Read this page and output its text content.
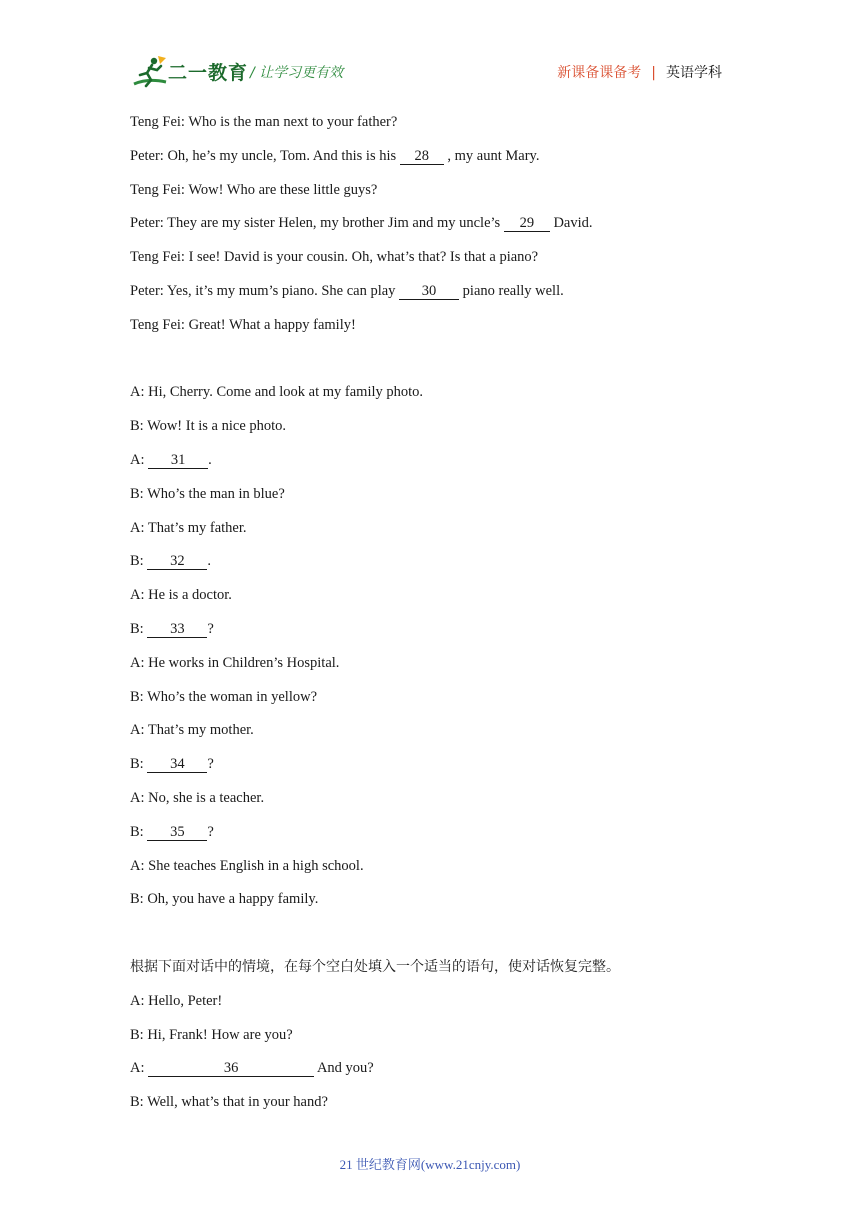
二一教育 / 让学习更有效	新课备课备考 | 英语学科
Teng Fei: Who is the man next to your father?
Peter: Oh, he’s my uncle, Tom. And this is his 28 , my aunt Mary.
Teng Fei: Wow! Who are these little guys?
Peter: They are my sister Helen, my brother Jim and my uncle’s 29 David.
Teng Fei: I see! David is your cousin. Oh, what’s that? Is that a piano?
Peter: Yes, it’s my mum’s piano. She can play 30 piano really well.
Teng Fei: Great! What a happy family!
A: Hi, Cherry. Come and look at my family photo.
B: Wow! It is a nice photo.
A: 31 .
B: Who’s the man in blue?
A: That’s my father.
B: 32 .
A: He is a doctor.
B: 33 ?
A: He works in Children’s Hospital.
B: Who’s the woman in yellow?
A: That’s my mother.
B: 34 ?
A: No, she is a teacher.
B: 35 ?
A: She teaches English in a high school.
B: Oh, you have a happy family.
根据下面对话中的情境，在每个空白处填入一个适当的语句，使对话恢复完整。
A: Hello, Peter!
B: Hi, Frank! How are you?
A:	36	And you?
B: Well, what’s that in your hand?
21 世纪教育网(www.21cnjy.com)
